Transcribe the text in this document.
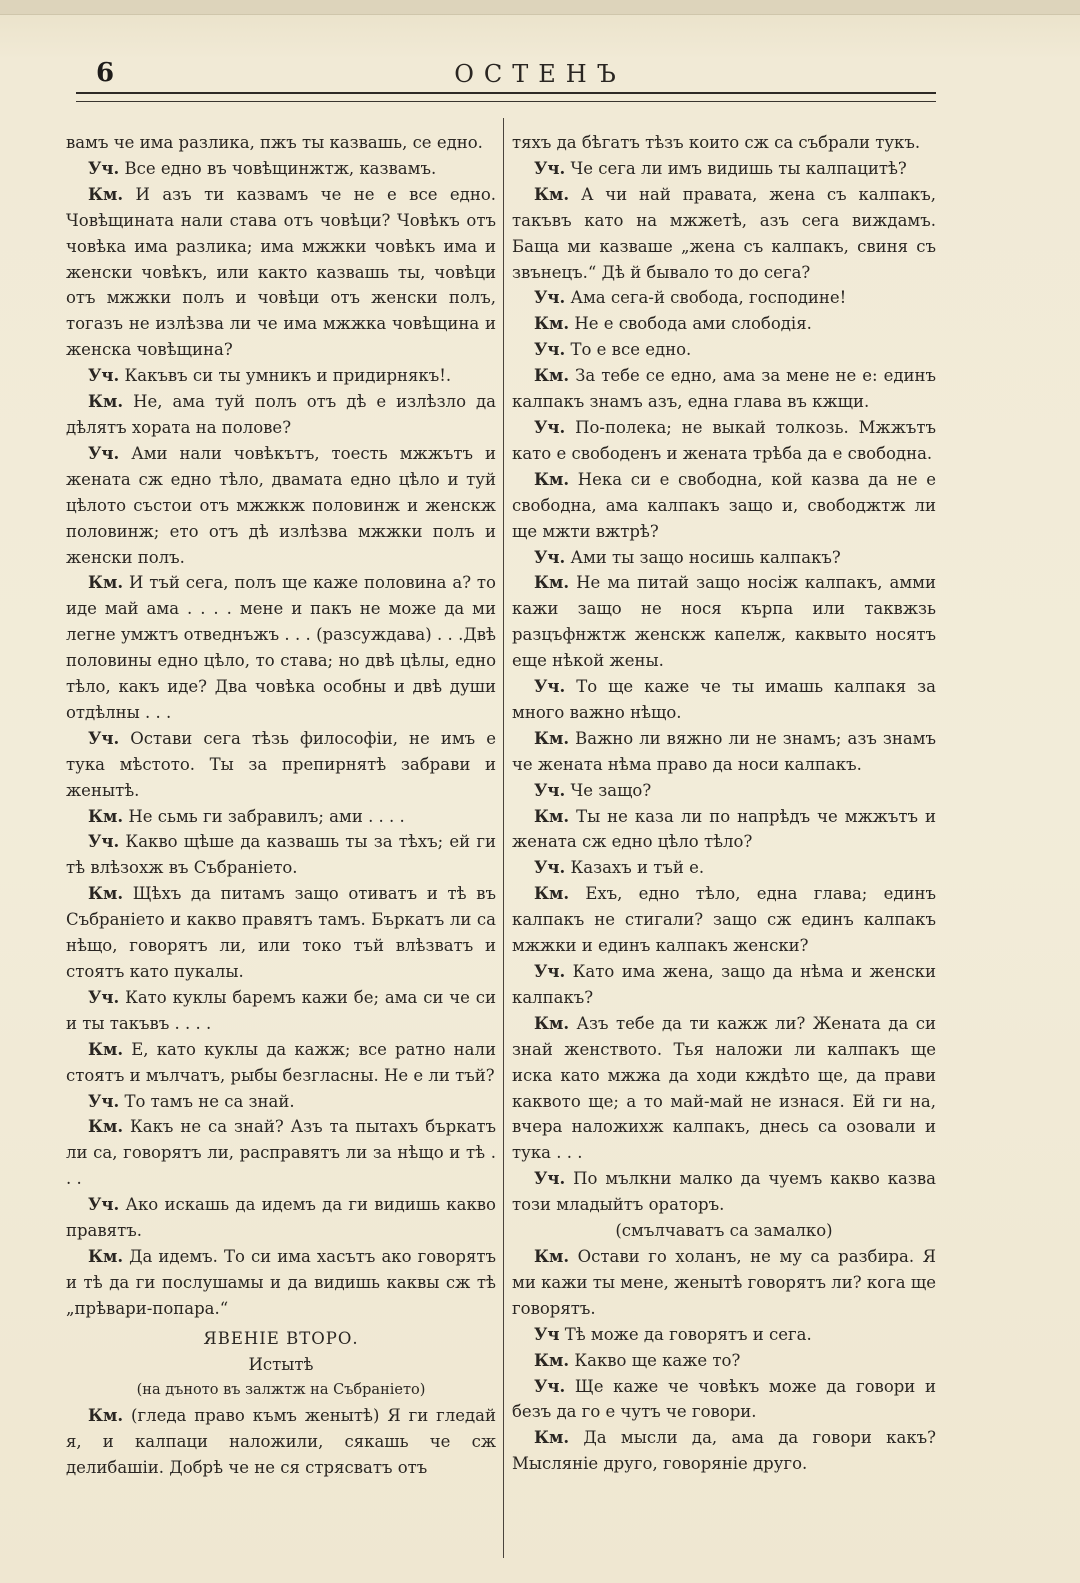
6	ОСТЕНЪ

вамъ че има разлика, пжъ ты казвашь, се едно.

Уч. Все едно въ човѣщинжтж, казвамъ.

Км. И азъ ти казвамъ че не е все едно. Човѣщината нали става отъ човѣци? Човѣкъ отъ човѣка има разлика; има мжжки човѣкъ има и женски човѣкъ, или както казвашь ты, човѣци отъ мжжки полъ и човѣци отъ женски полъ, тогазъ не излѣзва ли че има мжжка човѣщина и женска човѣщина?

Уч. Какъвъ си ты умникъ и придирнякъ!.

Км. Не, ама туй полъ отъ дѣ е излѣзло да дѣлятъ хората на полове?

Уч. Ами нали човѣкътъ, тоесть мжжътъ и жената сж едно тѣло, двамата едно цѣло и туй цѣлото състои отъ мжжкж половинж и женскж половинж; ето отъ дѣ излѣзва мжжки полъ и женски полъ.

Км. И тъй сега, полъ ще каже половина а? то иде май ама . . . . мене и пакъ не може да ми легне умжтъ отведнъжъ . . . (разсуждава) . . .Двѣ половины едно цѣло, то става; но двѣ цѣлы, едно тѣло, какъ иде? Два човѣка особны и двѣ души отдѣлны . . .

Уч. Остави сега тѣзь философіи, не имъ е тука мѣстото. Ты за препирнятѣ забрави и женытѣ.

Км. Не сьмь ги забравилъ; ами . . . .

Уч. Какво щѣше да казвашь ты за тѣхъ; ей ги тѣ влѣзохж въ Събраніето.

Км. Щѣхъ да питамъ защо отиватъ и тѣ въ Събраніето и какво правятъ тамъ. Бъркатъ ли са нѣщо, говорятъ ли, или токо тъй влѣзватъ и стоятъ като пукалы.

Уч. Като куклы баремъ кажи бе; ама си че си и ты такъвъ . . . .

Км. Е, като куклы да кажж; все ратно нали стоятъ и мълчатъ, рыбы безгласны. Не е ли тъй?

Уч. То тамъ не са знай.

Км. Какъ не са знай? Азъ та пытахъ бъркатъ ли са, говорятъ ли, расправятъ ли за нѣщо и тѣ . . .

Уч. Ако искашь да идемъ да ги видишь какво правятъ.

Км. Да идемъ. То си има хасътъ ако говорятъ и тѣ да ги послушамы и да видишь каквы сж тѣ „прѣвари-попара.“

ЯВЕНІЕ ВТОРО.

Истытѣ

(на дъното въ залжтж на Събраніето)

Км. (гледа право къмъ женытѣ) Я ги гледай я, и калпаци наложили, сякашь че сж делибашіи. Добрѣ че не ся стрясватъ отъ

тяхъ да бѣгатъ тѣзъ които сж са събрали тукъ.

Уч. Че сега ли имъ видишь ты калпацитѣ?

Км. А чи най правата, жена съ калпакъ, такъвъ като на мжжетѣ, азъ сега виждамъ. Баща ми казваше „жена съ калпакъ, свиня съ звънецъ.“ Дѣ й бывало то до сега?

Уч. Ама сега-й свобода, господине!

Км. Не е свобода ами слободія.

Уч. То е все едно.

Км. За тебе се едно, ама за мене не е: единъ калпакъ знамъ азъ, една глава въ кжщи.

Уч. По-полека; не выкай толкозь. Мжжътъ като е свободенъ и жената трѣба да е свободна.

Км. Нека си е свободна, кой казва да не е свободна, ама калпакъ защо и, свободжтж ли ще мжти вжтрѣ?

Уч. Ами ты защо носишь калпакъ?

Км. Не ма питай защо носіж калпакъ, амми кажи защо не нося кърпа или таквжзь разцъфнжтж женскж капелж, каквыто носятъ еще нѣкой жены.

Уч. То ще каже че ты имашь калпакя за много важно нѣщо.

Км. Важно ли вяжно ли не знамъ; азъ знамъ че жената нѣма право да носи калпакъ.

Уч. Че защо?

Км. Ты не каза ли по напрѣдъ че мжжътъ и жената сж едно цѣло тѣло?

Уч. Казахъ и тъй е.

Км. Ехъ, едно тѣло, една глава; единъ калпакъ не стигали? защо сж единъ калпакъ мжжки и единъ калпакъ женски?

Уч. Като има жена, защо да нѣма и женски калпакъ?

Км. Азъ тебе да ти кажж ли? Жената да си знай женството. Тья наложи ли калпакъ ще иска като мжжа да ходи кждѣто ще, да прави каквото ще; а то май-май не изнася. Ей ги на, вчера наложихж калпакъ, днесь са озовали и тука . . .

Уч. По мълкни малко да чуемъ какво казва този младыйтъ ораторъ.

(смълчаватъ са замалко)

Км. Остави го холанъ, не му са разбира. Я ми кажи ты мене, женытѣ говорятъ ли? кога ще говорятъ.

Уч Тѣ може да говорятъ и сега.

Км. Какво ще каже то?

Уч. Ще каже че човѣкъ може да говори и безъ да го е чутъ че говори.

Км. Да мысли да, ама да говори какъ? Мысляніе друго, говоряніе друго.
